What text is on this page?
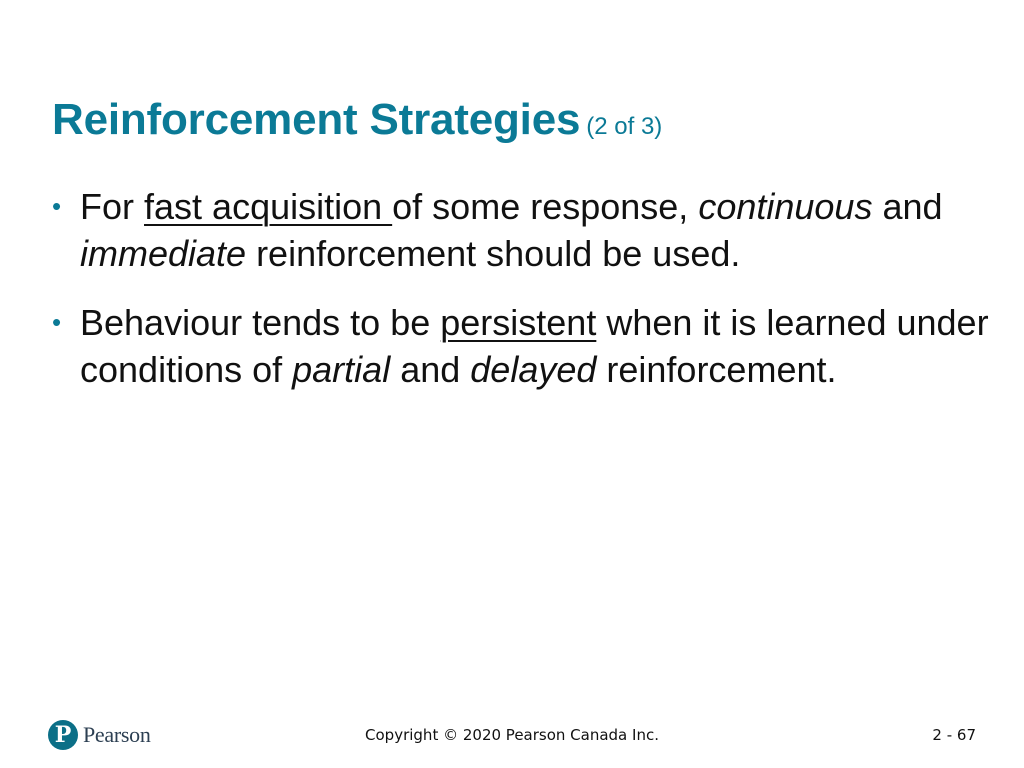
Reinforcement Strategies (2 of 3)
• For fast acquisition of some response, continuous and immediate reinforcement should be used.
• Behaviour tends to be persistent when it is learned under conditions of partial and delayed reinforcement.
P Pearson	Copyright © 2020 Pearson Canada Inc.	2 - 67
